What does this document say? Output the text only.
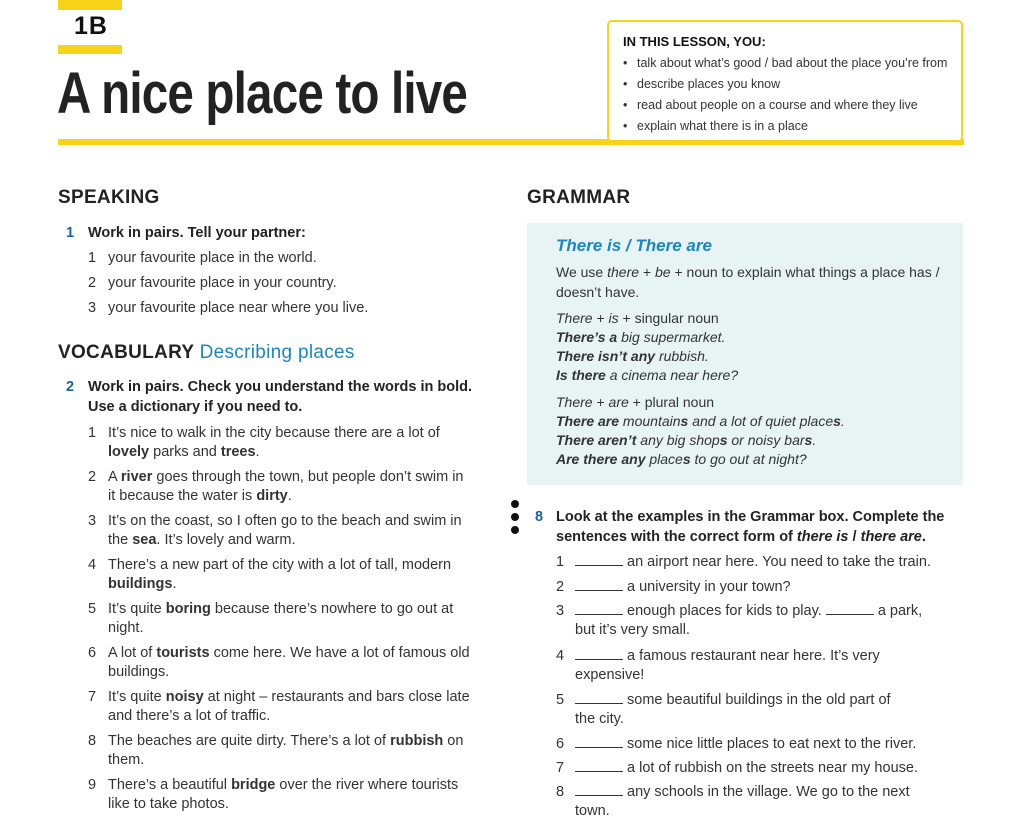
1B
A nice place to live
IN THIS LESSON, YOU:
• talk about what’s good / bad about the place you’re from
• describe places you know
• read about people on a course and where they live
• explain what there is in a place
SPEAKING
1 Work in pairs. Tell your partner:
1 your favourite place in the world.
2 your favourite place in your country.
3 your favourite place near where you live.
VOCABULARY Describing places
2 Work in pairs. Check you understand the words in bold.
Use a dictionary if you need to.
1 It’s nice to walk in the city because there are a lot of
lovely parks and trees.
2 A river goes through the town, but people don’t swim in
it because the water is dirty.
3 It’s on the coast, so I often go to the beach and swim in
the sea. It’s lovely and warm.
4 There’s a new part of the city with a lot of tall, modern
buildings.
5 It’s quite boring because there’s nowhere to go out at
night.
6 A lot of tourists come here. We have a lot of famous old
buildings.
7 It’s quite noisy at night – restaurants and bars close late
and there’s a lot of traffic.
8 The beaches are quite dirty. There’s a lot of rubbish on
them.
9 There’s a beautiful bridge over the river where tourists
like to take photos.
GRAMMAR
There is / There are
We use there + be + noun to explain what things a place has /
doesn’t have.
There + is + singular noun
There’s a big supermarket.
There isn’t any rubbish.
Is there a cinema near here?
There + are + plural noun
There are mountains and a lot of quiet places.
There aren’t any big shops or noisy bars.
Are there any places to go out at night?
8 Look at the examples in the Grammar box. Complete the
sentences with the correct form of there is / there are.
1	an airport near here. You need to take the train.
2	a university in your town?
3	enough places for kids to play.	a park,
but it’s very small.
4	a famous restaurant near here. It’s very
expensive!
5	some beautiful buildings in the old part of
the city.
6	some nice little places to eat next to the river.
7	a lot of rubbish on the streets near my house.
8	any schools in the village. We go to the next
town.
